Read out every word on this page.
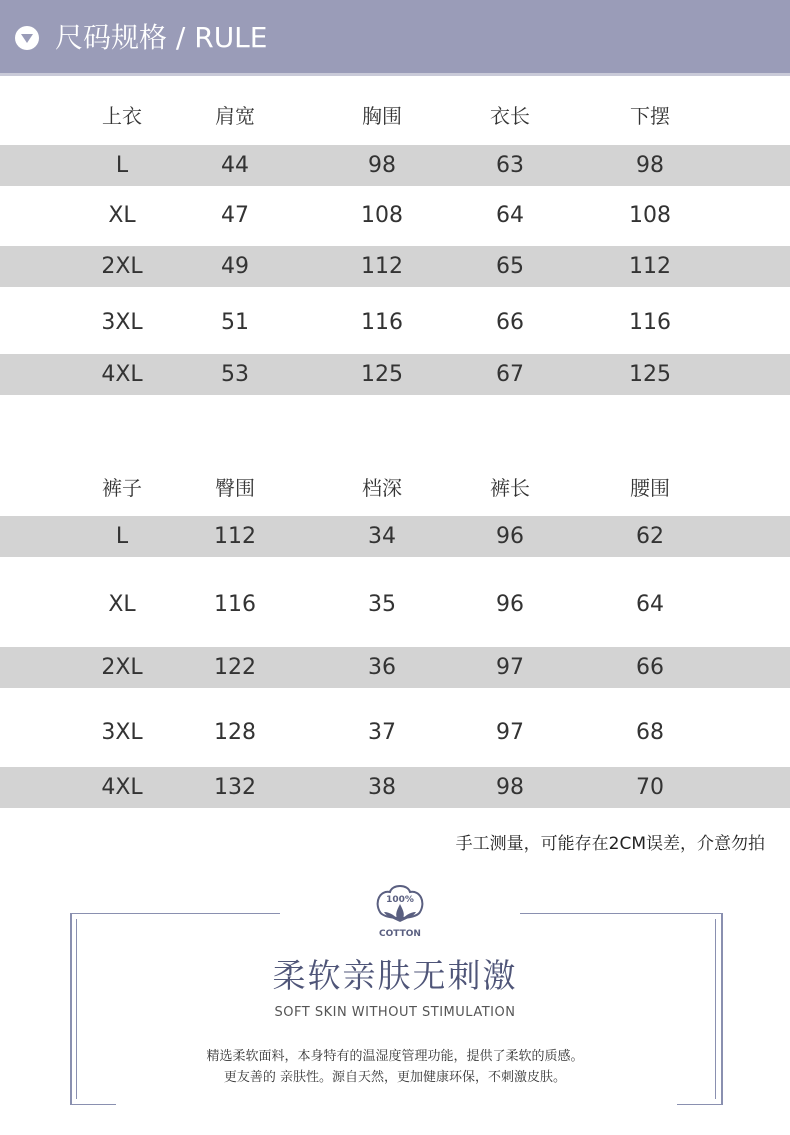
尺码规格 / RULE
上衣	肩宽	胸围	衣长	下摆
L	44	98	63	98
XL	47	108	64	108
2XL	49	112	65	112
3XL	51	116	66	116
4XL	53	125	67	125
裤子	臀围	档深	裤长	腰围
L	112	34	96	62
XL	116	35	96	64
2XL	122	36	97	66
3XL	128	37	97	68
4XL	132	38	98	70
手工测量，可能存在2CM误差，介意勿拍
100%
COTTON
柔软亲肤无刺激
SOFT SKIN WITHOUT STIMULATION
精选柔软面料，本身特有的温湿度管理功能，提供了柔软的质感。
更友善的 亲肤性。源自天然，更加健康环保，不刺激皮肤。
